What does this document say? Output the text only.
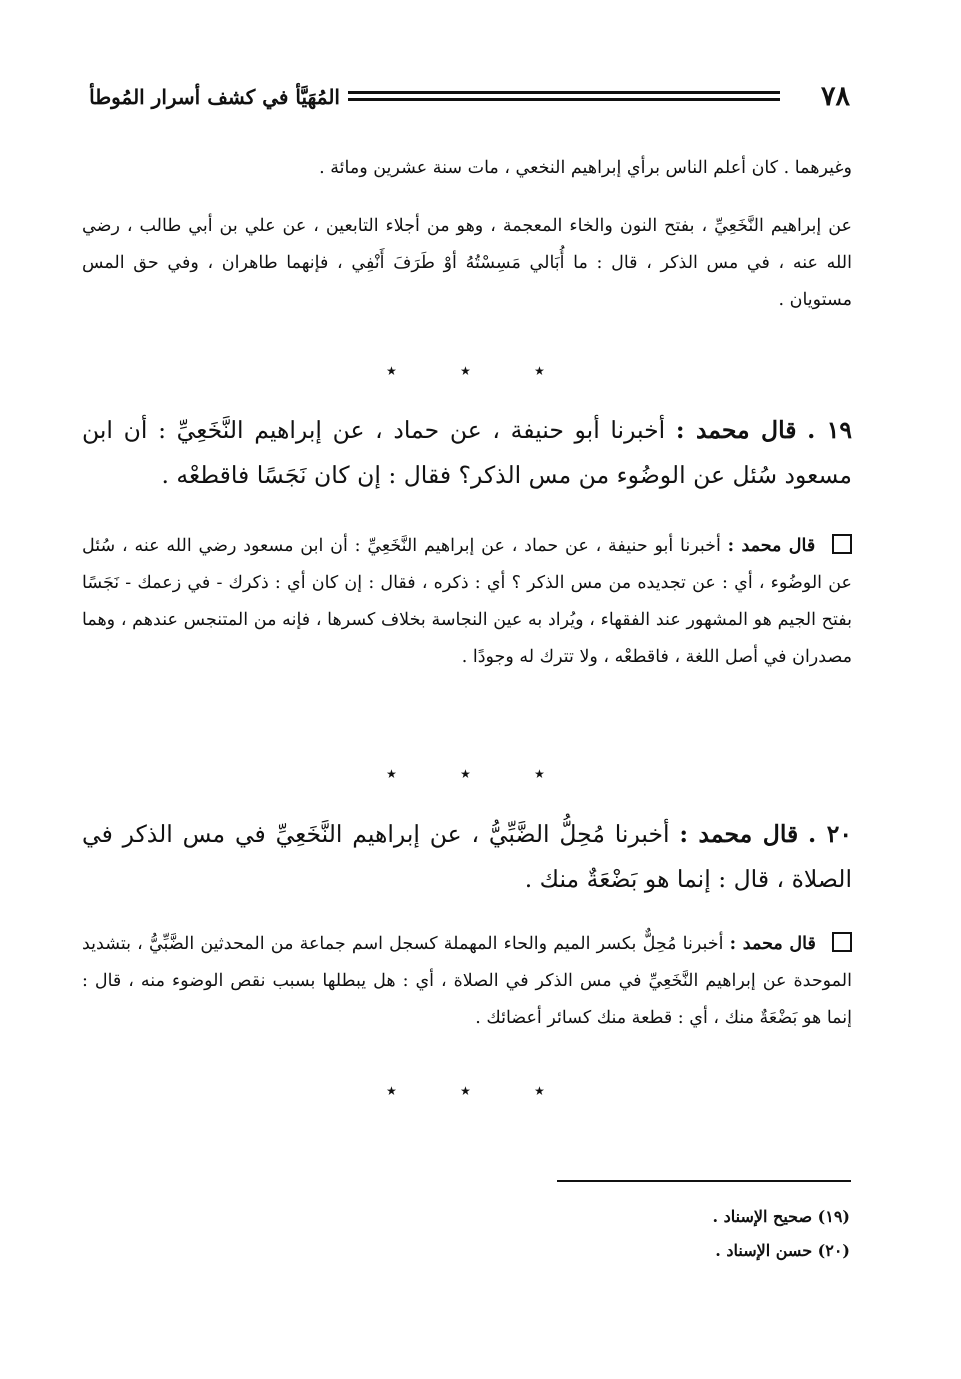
٧٨
المُهَيَّأ في كشف أسرار المُوطأ
وغيرهما . كان أعلم الناس برأي إبراهيم النخعي ، مات سنة عشرين ومائة .
عن إبراهيم النَّخَعِيِّ ، بفتح النون والخاء المعجمة ، وهو من أجلاء التابعين ، عن علي بن أبي طالب ، رضي الله عنه ، في مس الذكر ، قال : ما أُبَالي مَسِسْتُهُ أوْ طَرَفَ أَنْفِي ، فإنهما طاهران ، وفي حق المس مستويان .
٭	٭	٭
١٩ . قال محمد : أخبرنا أبو حنيفة ، عن حماد ، عن إبراهيم النَّخَعِيِّ : أن ابن مسعود سُئل عن الوضُوء من مس الذكر؟ فقال : إن كان نَجَسًا فاقطعْه .
قال محمد : أخبرنا أبو حنيفة ، عن حماد ، عن إبراهيم النَّخَعِيِّ : أن ابن مسعود رضي الله عنه ، سُئل عن الوضُوء ، أي : عن تجديده من مس الذكر ؟ أي : ذكره ، فقال : إن كان أي : ذكرك - في زعمك - نَجَسًا بفتح الجيم هو المشهور عند الفقهاء ، ويُراد به عين النجاسة بخلاف كسرها ، فإنه من المتنجس عندهم ، وهما مصدران في أصل اللغة ، فاقطعْه ، ولا تترك له وجودًا .
٭	٭	٭
٢٠ . قال محمد : أخبرنا مُحِلُّ الضَّبِّيُّ ، عن إبراهيم النَّخَعِيِّ في مس الذكر في الصلاة ، قال : إنما هو بَضْعَةٌ منك .
قال محمد : أخبرنا مُحِلٌّ بكسر الميم والحاء المهملة كسجل اسم جماعة من المحدثين الضَّبِّيُّ ، بتشديد الموحدة عن إبراهيم النَّخَعِيِّ في مس الذكر في الصلاة ، أي : هل يبطلها بسبب نقص الوضوء منه ، قال : إنما هو بَضْعَةٌ منك ، أي : قطعة منك كسائر أعضائك .
٭	٭	٭
(١٩) صحيح الإسناد .
(٢٠) حسن الإسناد .
